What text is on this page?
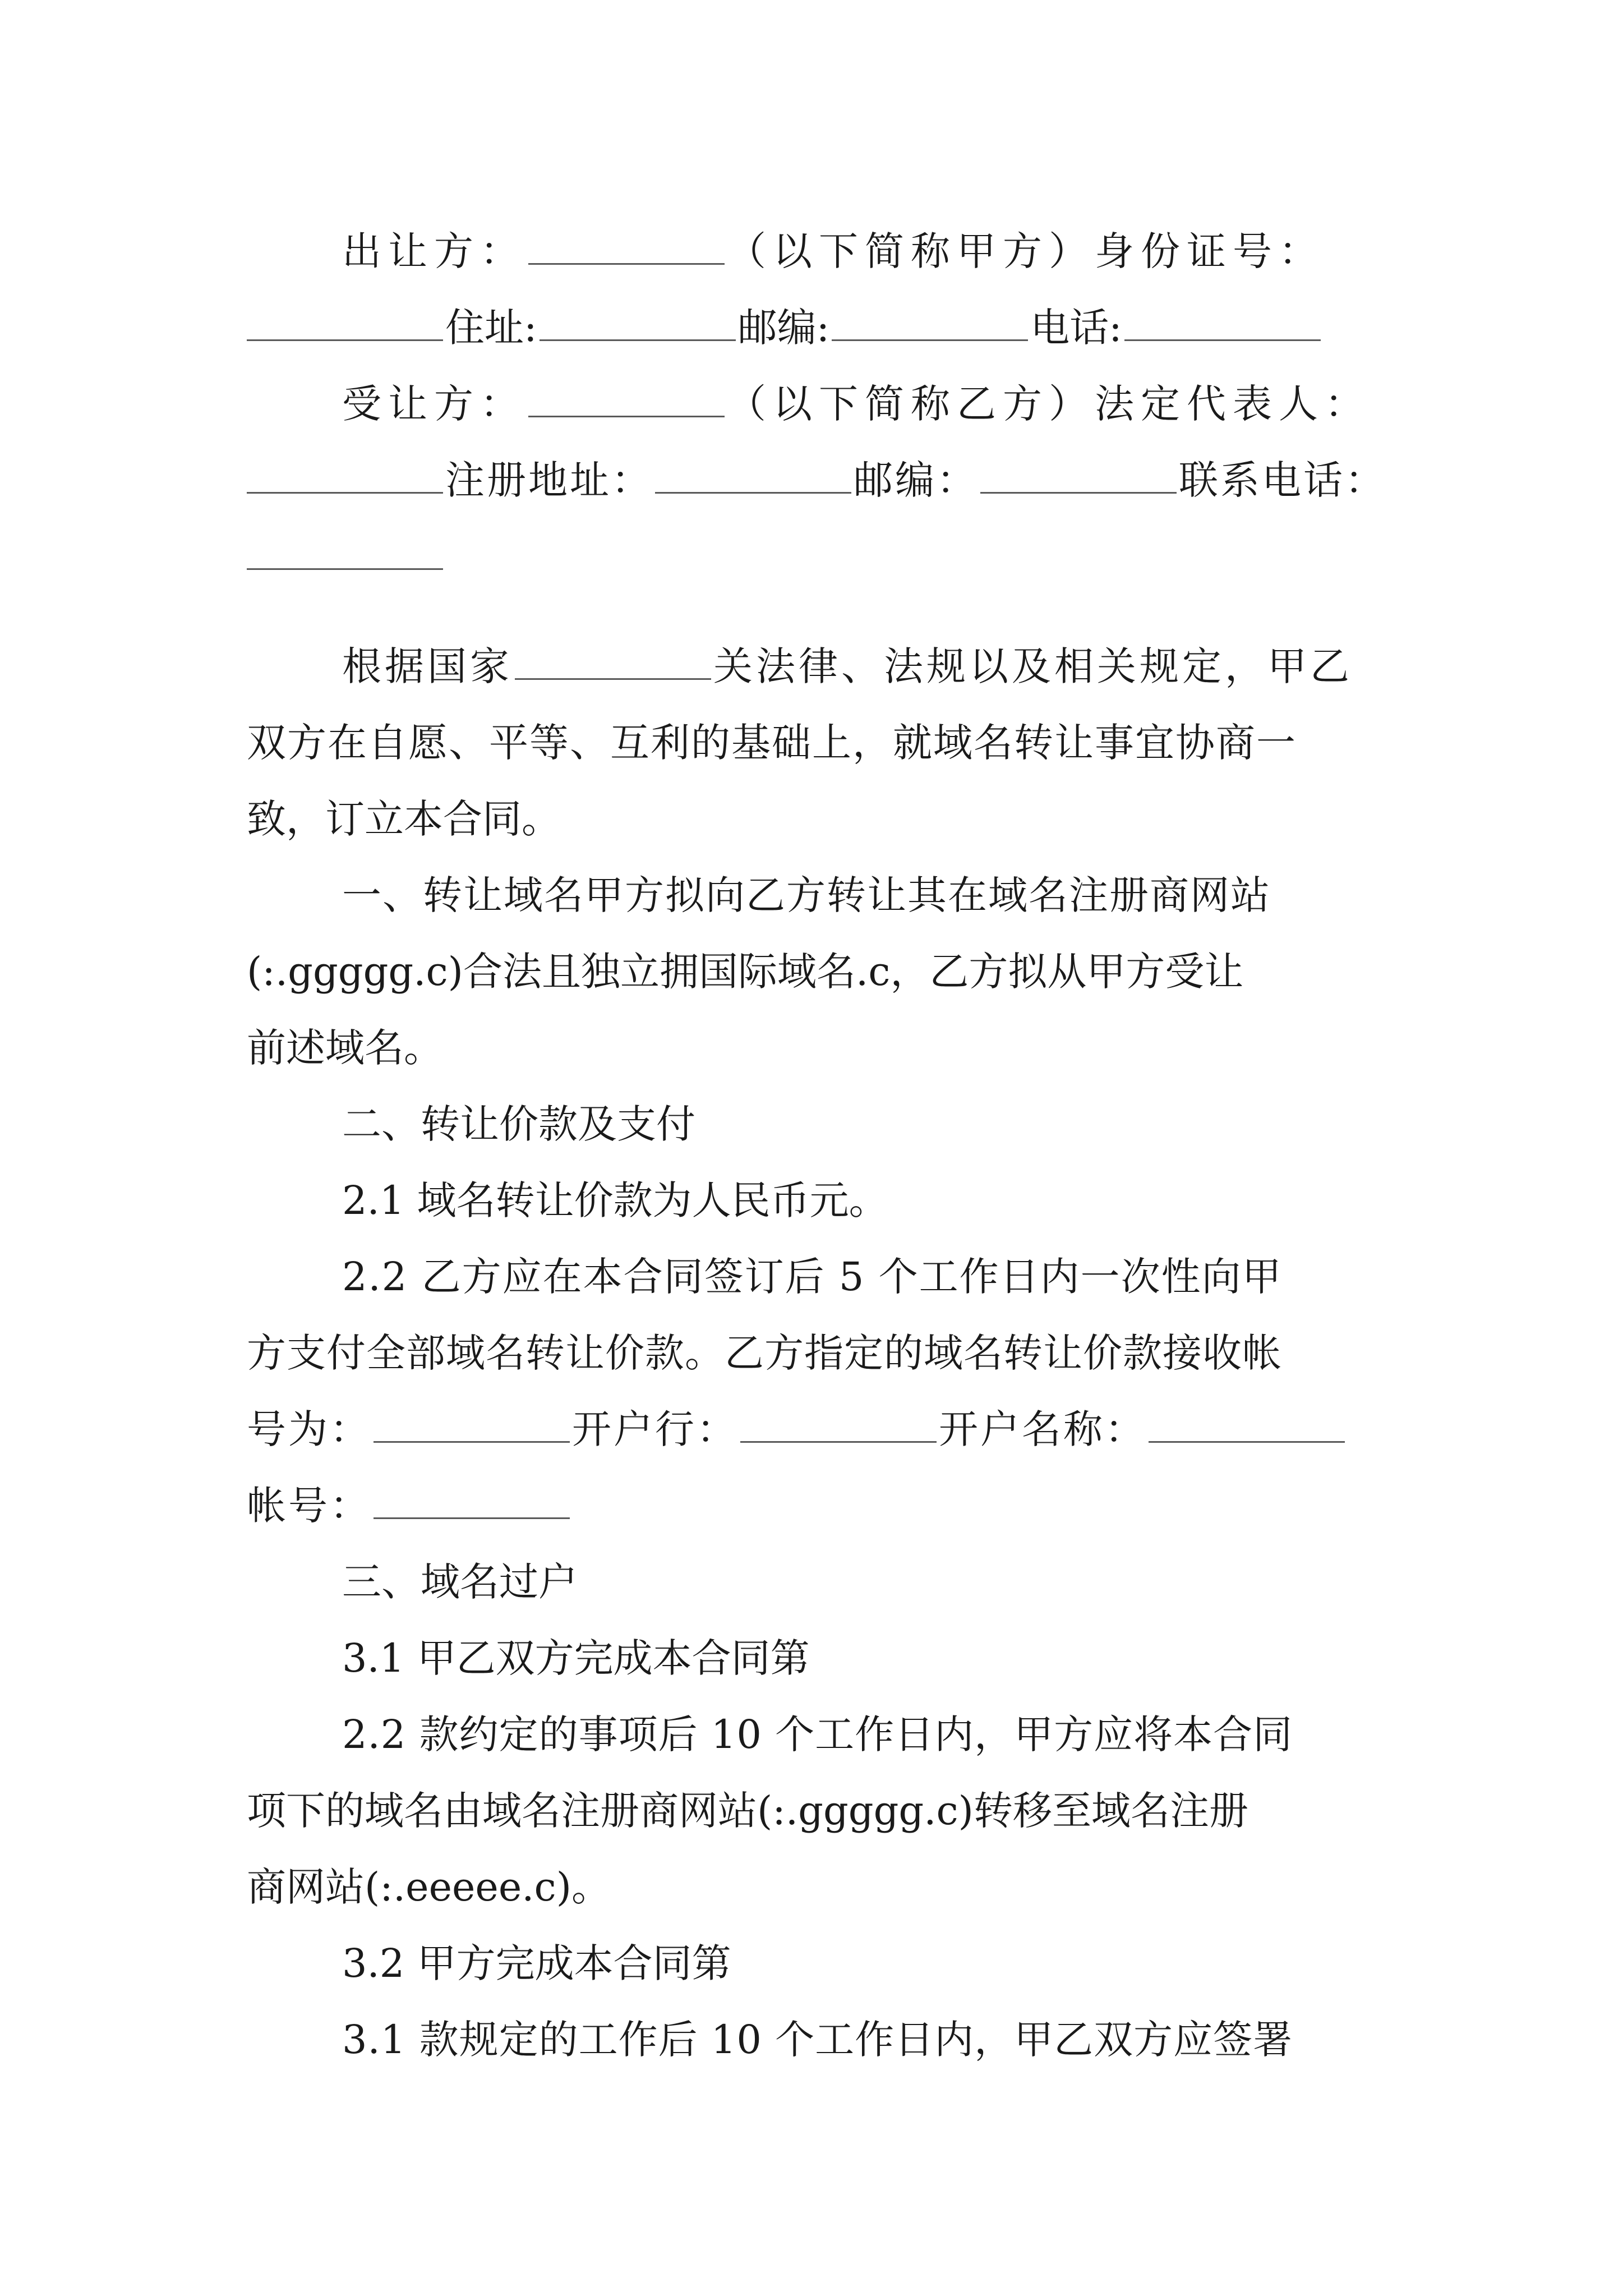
出让方：	（以下简称甲方）身份证号：
住址:	邮编:	电话:
受让方：	（以下简称乙方）法定代表人：
注册地址：	邮编：	联系电话：
根据国家	关法律、法规以及相关规定，甲乙
双方在自愿、平等、互利的基础上，就域名转让事宜协商一
致，订立本合同。
一、转让域名甲方拟向乙方转让其在域名注册商网站
(:.ggggg.c)合法且独立拥国际域名.c，乙方拟从甲方受让
前述域名。
二、转让价款及支付
2.1 域名转让价款为人民币元。
2.2 乙方应在本合同签订后 5 个工作日内一次性向甲
方支付全部域名转让价款。乙方指定的域名转让价款接收帐
号为：	开户行：	开户名称：
帐号：
三、域名过户
3.1 甲乙双方完成本合同第
2.2 款约定的事项后 10 个工作日内，甲方应将本合同
项下的域名由域名注册商网站(:.ggggg.c)转移至域名注册
商网站(:.eeeee.c)。
3.2 甲方完成本合同第
3.1 款规定的工作后 10 个工作日内，甲乙双方应签署
